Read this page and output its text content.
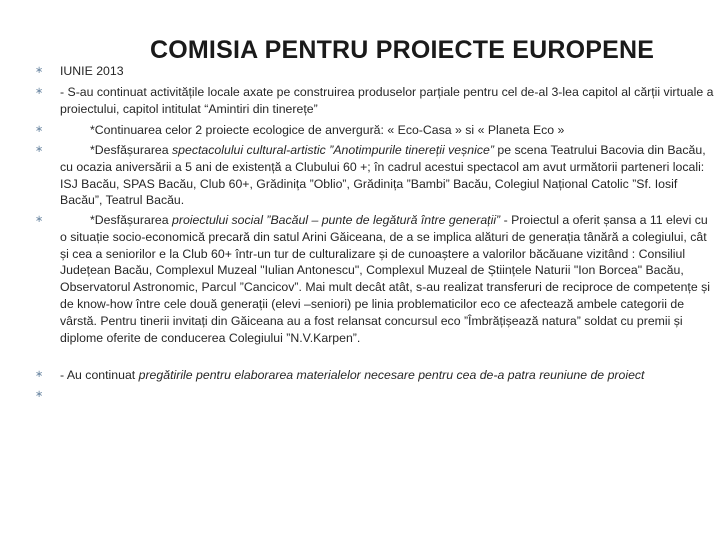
COMISIA PENTRU PROIECTE EUROPENE
∗ IUNIE 2013
∗ - S-au continuat activitățile locale axate pe construirea produselor parțiale pentru cel de-al 3-lea capitol al cărții virtuale a proiectului, capitol intitulat “Amintiri din tinerețe”
∗	*Continuarea celor 2 proiecte ecologice de anvergură: « Eco-Casa » si « Planeta Eco »
∗	*Desfășurarea spectacolului cultural-artistic ”Anotimpurile tinereții veșnice” pe scena Teatrului Bacovia din Bacău, cu ocazia aniversării a 5 ani de existență a Clubului 60 +; în cadrul acestui spectacol am avut următorii parteneri locali: ISJ Bacău, SPAS Bacău, Club 60+, Grădinița ”Oblio”, Grădinița ”Bambi” Bacău, Colegiul Național Catolic ”Sf. Iosif Bacău”, Teatrul Bacău.
∗	*Desfășurarea proiectului social ”Bacăul – punte de legătură între generații” - Proiectul a oferit șansa a 11 elevi cu o situație socio-economică precară din satul Arini Găiceana, de a se implica alături de generația tânără a colegiului, cât și cea a seniorilor e la Club 60+ într-un tur de culturalizare și de cunoaștere a valorilor băcăuane vizitând : Consiliul Județean Bacău, Complexul Muzeal "Iulian Antonescu", Complexul Muzeal de Științele Naturii "Ion Borcea" Bacău, Observatorul Astronomic, Parcul ”Cancicov”. Mai mult decât atât, s-au realizat transferuri de reciproce de competențe și de know-how între cele două generații (elevi –seniori) pe linia problematicilor eco ce afectează ambele categorii de vârstă. Pentru tinerii invitați din Găiceana au a fost relansat concursul eco ”Îmbrățișează natura” soldat cu premii și diplome oferite de conducerea Colegiului ”N.V.Karpen”.
∗ - Au continuat pregătirile pentru elaborarea materialelor necesare pentru cea de-a patra reuniune de proiect
∗
